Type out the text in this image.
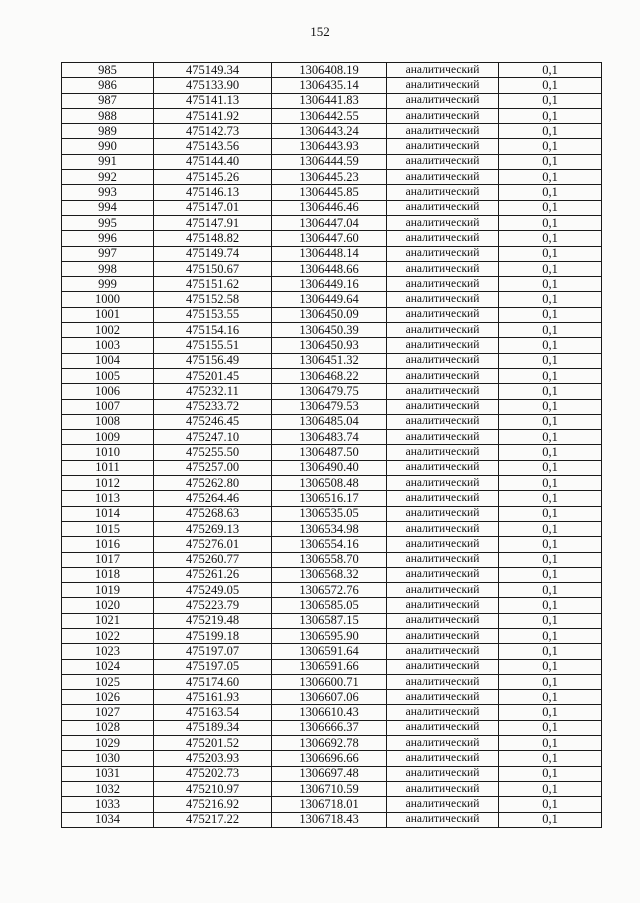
152
985	475149.34	1306408.19	аналитический	0,1
986	475133.90	1306435.14	аналитический	0,1
987	475141.13	1306441.83	аналитический	0,1
988	475141.92	1306442.55	аналитический	0,1
989	475142.73	1306443.24	аналитический	0,1
990	475143.56	1306443.93	аналитический	0,1
991	475144.40	1306444.59	аналитический	0,1
992	475145.26	1306445.23	аналитический	0,1
993	475146.13	1306445.85	аналитический	0,1
994	475147.01	1306446.46	аналитический	0,1
995	475147.91	1306447.04	аналитический	0,1
996	475148.82	1306447.60	аналитический	0,1
997	475149.74	1306448.14	аналитический	0,1
998	475150.67	1306448.66	аналитический	0,1
999	475151.62	1306449.16	аналитический	0,1
1000	475152.58	1306449.64	аналитический	0,1
1001	475153.55	1306450.09	аналитический	0,1
1002	475154.16	1306450.39	аналитический	0,1
1003	475155.51	1306450.93	аналитический	0,1
1004	475156.49	1306451.32	аналитический	0,1
1005	475201.45	1306468.22	аналитический	0,1
1006	475232.11	1306479.75	аналитический	0,1
1007	475233.72	1306479.53	аналитический	0,1
1008	475246.45	1306485.04	аналитический	0,1
1009	475247.10	1306483.74	аналитический	0,1
1010	475255.50	1306487.50	аналитический	0,1
1011	475257.00	1306490.40	аналитический	0,1
1012	475262.80	1306508.48	аналитический	0,1
1013	475264.46	1306516.17	аналитический	0,1
1014	475268.63	1306535.05	аналитический	0,1
1015	475269.13	1306534.98	аналитический	0,1
1016	475276.01	1306554.16	аналитический	0,1
1017	475260.77	1306558.70	аналитический	0,1
1018	475261.26	1306568.32	аналитический	0,1
1019	475249.05	1306572.76	аналитический	0,1
1020	475223.79	1306585.05	аналитический	0,1
1021	475219.48	1306587.15	аналитический	0,1
1022	475199.18	1306595.90	аналитический	0,1
1023	475197.07	1306591.64	аналитический	0,1
1024	475197.05	1306591.66	аналитический	0,1
1025	475174.60	1306600.71	аналитический	0,1
1026	475161.93	1306607.06	аналитический	0,1
1027	475163.54	1306610.43	аналитический	0,1
1028	475189.34	1306666.37	аналитический	0,1
1029	475201.52	1306692.78	аналитический	0,1
1030	475203.93	1306696.66	аналитический	0,1
1031	475202.73	1306697.48	аналитический	0,1
1032	475210.97	1306710.59	аналитический	0,1
1033	475216.92	1306718.01	аналитический	0,1
1034	475217.22	1306718.43	аналитический	0,1
